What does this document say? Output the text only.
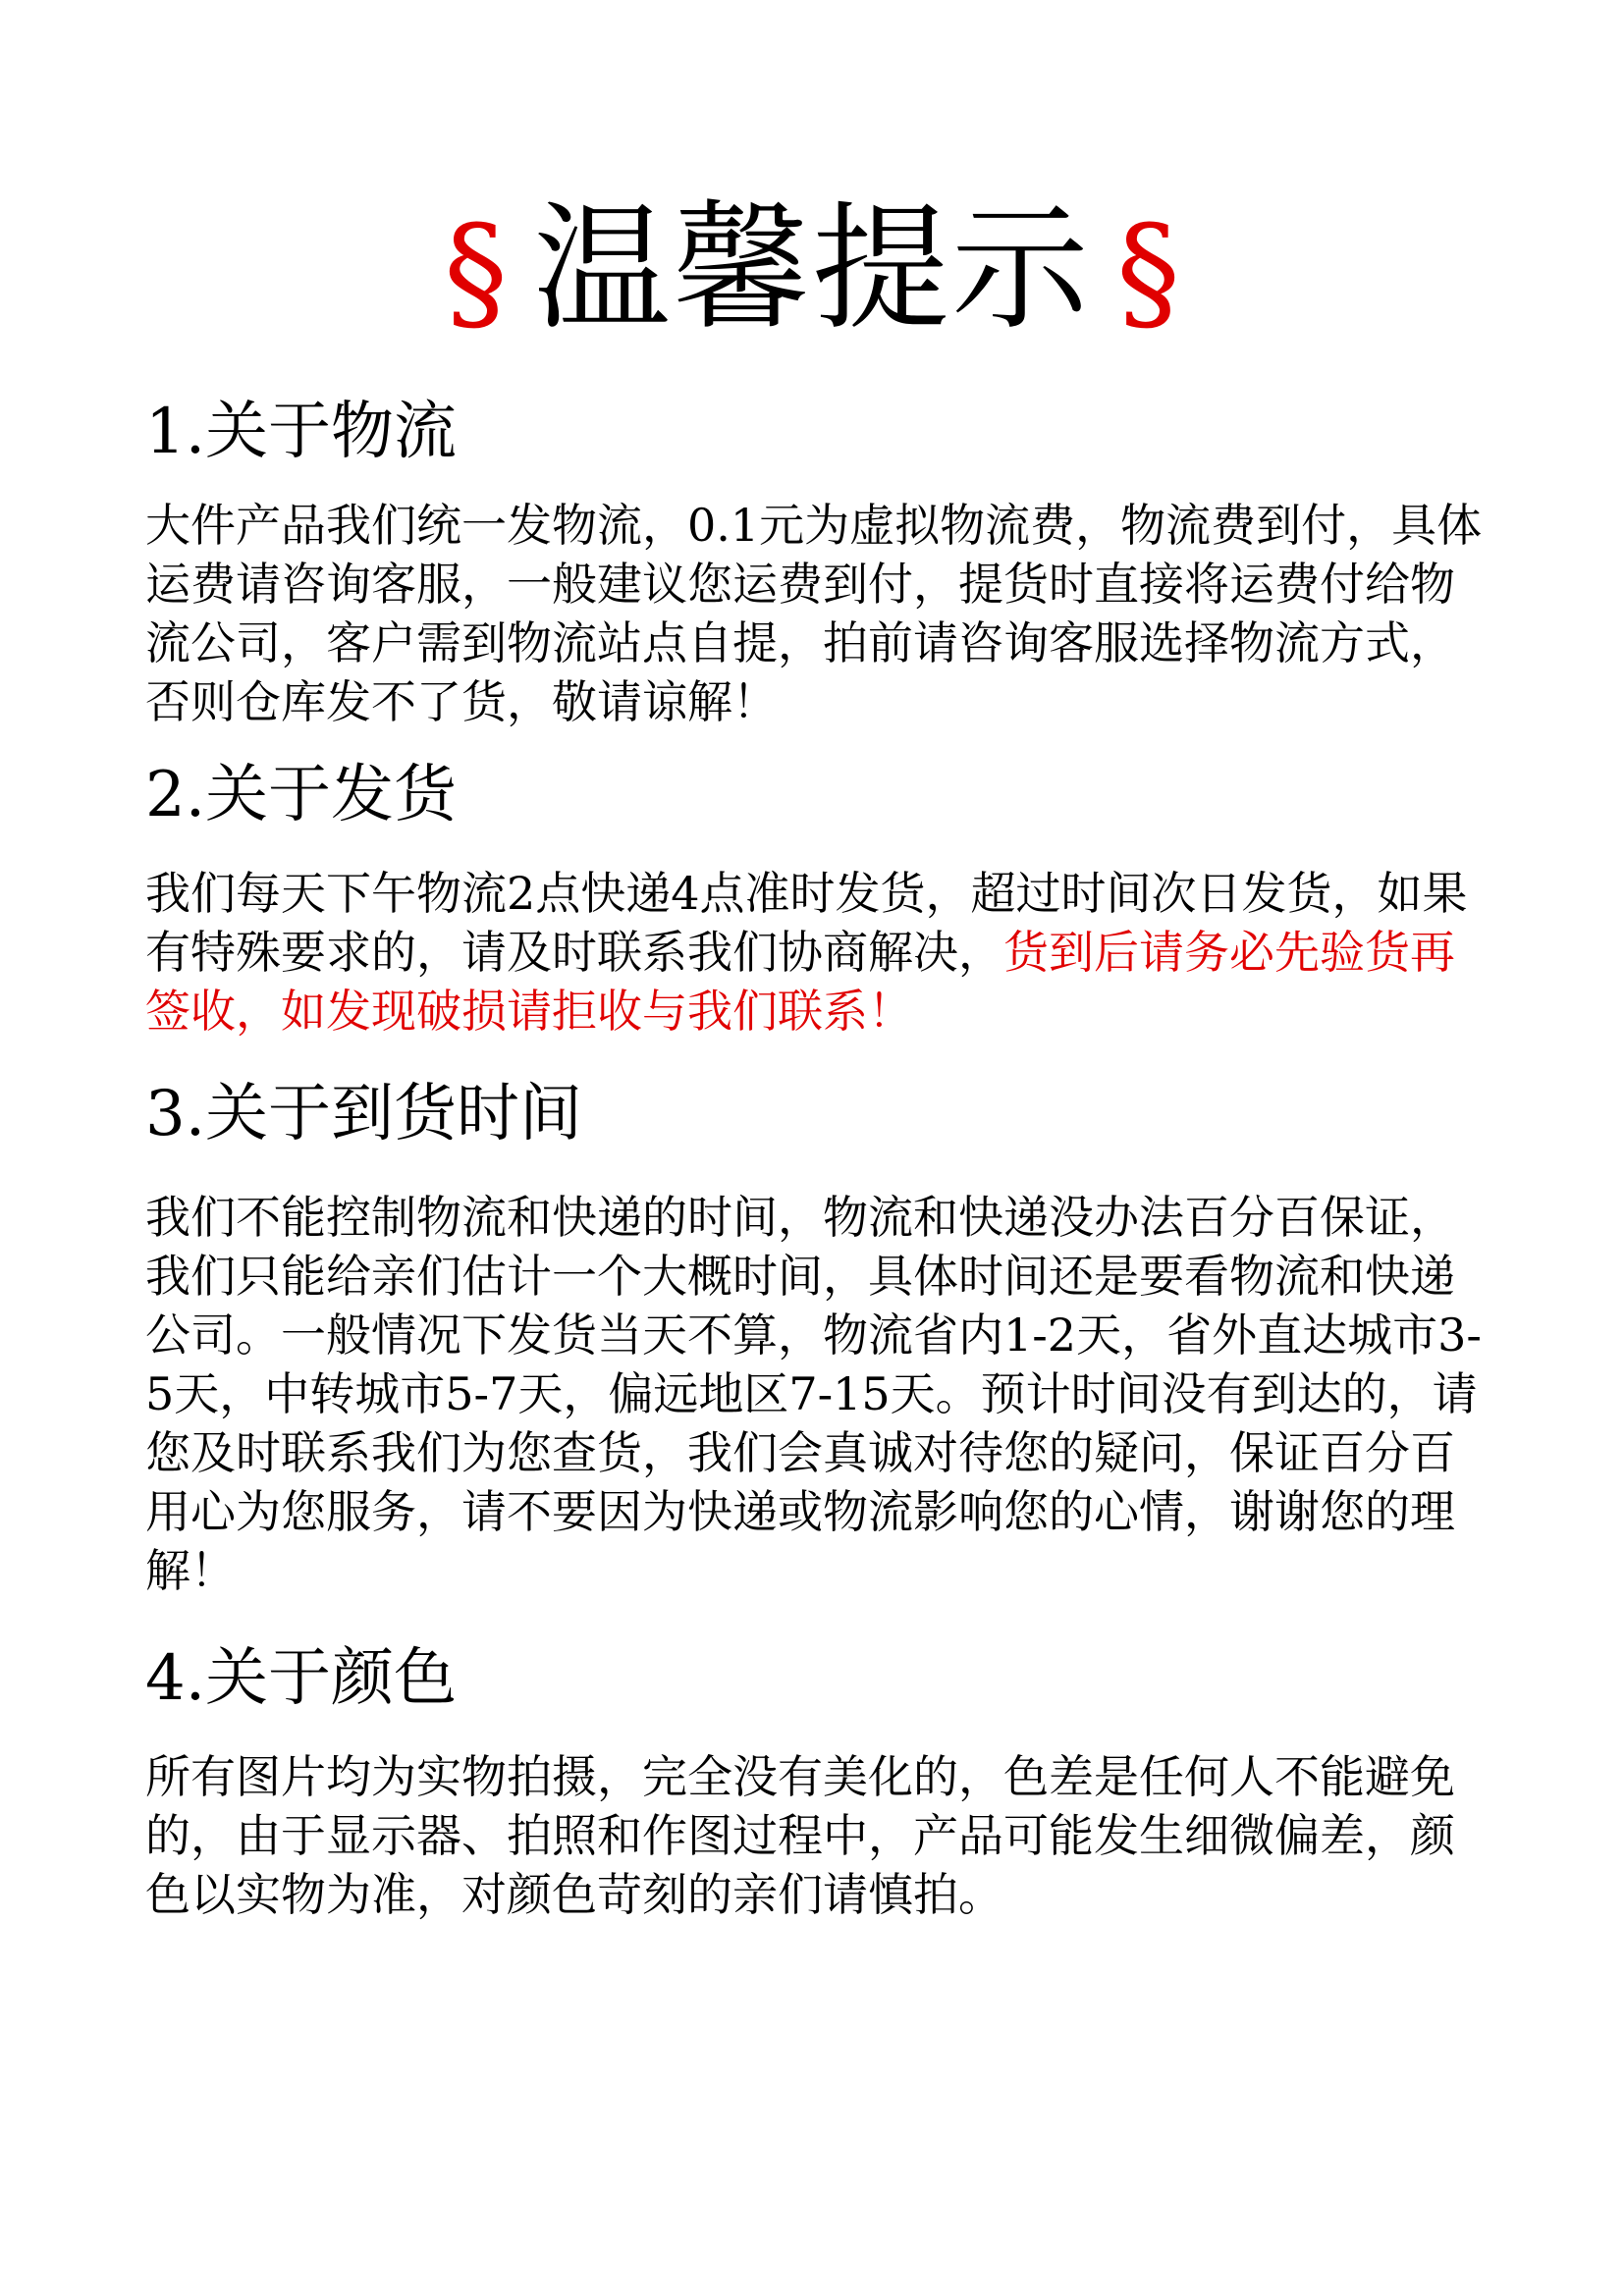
§ 温馨提示 §
1.关于物流

大件产品我们统一发物流，0.1元为虚拟物流费，物流费到付，具体运费请咨询客服，一般建议您运费到付，提货时直接将运费付给物流公司，客户需到物流站点自提，拍前请咨询客服选择物流方式，否则仓库发不了货，敬请谅解！

2.关于发货

我们每天下午物流2点快递4点准时发货，超过时间次日发货，如果有特殊要求的，请及时联系我们协商解决，货到后请务必先验货再签收，如发现破损请拒收与我们联系！

3.关于到货时间

我们不能控制物流和快递的时间，物流和快递没办法百分百保证，我们只能给亲们估计一个大概时间，具体时间还是要看物流和快递公司。一般情况下发货当天不算，物流省内1-2天，省外直达城市3-5天，中转城市5-7天，偏远地区7-15天。预计时间没有到达的，请您及时联系我们为您查货，我们会真诚对待您的疑问，保证百分百用心为您服务，请不要因为快递或物流影响您的心情，谢谢您的理解！

4.关于颜色

所有图片均为实物拍摄，完全没有美化的，色差是任何人不能避免的，由于显示器、拍照和作图过程中，产品可能发生细微偏差，颜色以实物为准，对颜色苛刻的亲们请慎拍。
